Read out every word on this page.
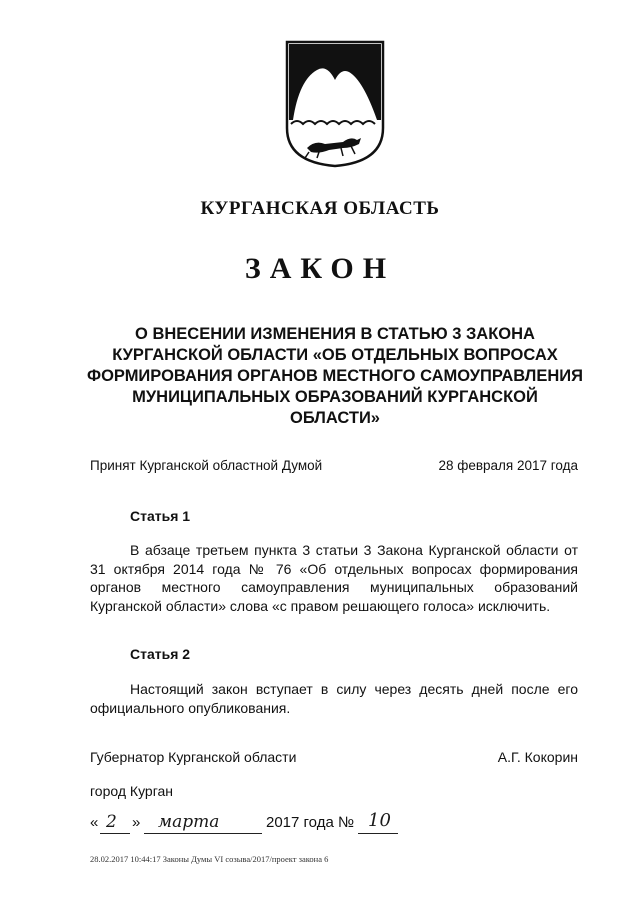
КУРГАНСКАЯ ОБЛАСТЬ
ЗАКОН
О ВНЕСЕНИИ ИЗМЕНЕНИЯ В СТАТЬЮ 3 ЗАКОНА КУРГАНСКОЙ ОБЛАСТИ «ОБ ОТДЕЛЬНЫХ ВОПРОСАХ ФОРМИРОВАНИЯ ОРГАНОВ МЕСТНОГО САМОУПРАВЛЕНИЯ МУНИЦИПАЛЬНЫХ ОБРАЗОВАНИЙ КУРГАНСКОЙ ОБЛАСТИ»
Принят Курганской областной Думой	28 февраля 2017 года
Статья 1
В абзаце третьем пункта 3 статьи 3 Закона Курганской области от 31 октября 2014 года № 76 «Об отдельных вопросах формирования органов местного самоуправления муниципальных образований Курганской области» слова «с правом решающего голоса» исключить.
Статья 2
Настоящий закон вступает в силу через десять дней после его официального опубликования.
Губернатор Курганской области	А.Г. Кокорин
город Курган
« 2 » марта	2017 года № 10
28.02.2017 10:44:17 Законы Думы VI созыва/2017/проект закона 6
